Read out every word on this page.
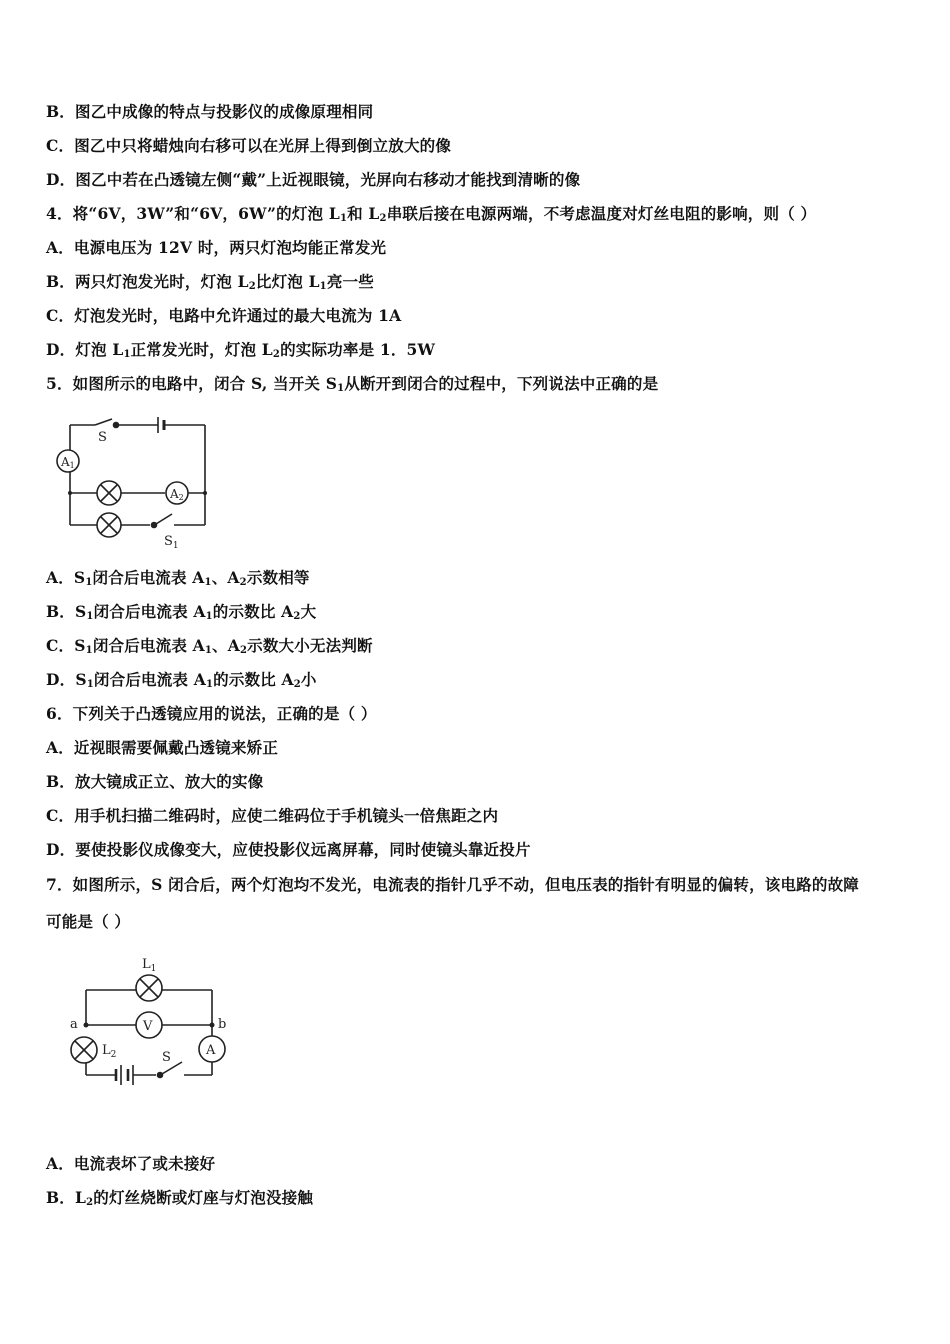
B．图乙中成像的特点与投影仪的成像原理相同
C．图乙中只将蜡烛向右移可以在光屏上得到倒立放大的像
D．图乙中若在凸透镜左侧“戴”上近视眼镜，光屏向右移动才能找到清晰的像
4．将“6V，3W”和“6V，6W”的灯泡 $L_1$和 $L_2$串联后接在电源两端，不考虑温度对灯丝电阻的影响，则（ ）
A．电源电压为 12V 时，两只灯泡均能正常发光
B．两只灯泡发光时，灯泡 $L_2$比灯泡 $L_1$亮一些
C．灯泡发光时，电路中允许通过的最大电流为 1A
D．灯泡 $L_1$正常发光时，灯泡 $L_2$的实际功率是 1．5W
5．如图所示的电路中，闭合 S, 当开关 $S_1$从断开到闭合的过程中，下列说法中正确的是
S
A1
A2
$S_1$
A．$S_1$闭合后电流表 $A_1$、$A_2$示数相等
B．$S_1$闭合后电流表 $A_1$的示数比 $A_2$大
C．$S_1$闭合后电流表 $A_1$、$A_2$示数大小无法判断
D．$S_1$闭合后电流表 $A_1$的示数比 $A_2$小
6．下列关于凸透镜应用的说法，正确的是（ ）
A．近视眼需要佩戴凸透镜来矫正
B．放大镜成正立、放大的实像
C．用手机扫描二维码时，应使二维码位于手机镜头一倍焦距之内
D．要使投影仪成像变大，应使投影仪远离屏幕，同时使镜头靠近投片
7．如图所示，S 闭合后，两个灯泡均不发光，电流表的指针几乎不动，但电压表的指针有明显的偏转，该电路的故障
可能是（ ）
$L_1$
V
a	b
$L_2$	A
S
A．电流表坏了或未接好
B．$L_2$的灯丝烧断或灯座与灯泡没接触
